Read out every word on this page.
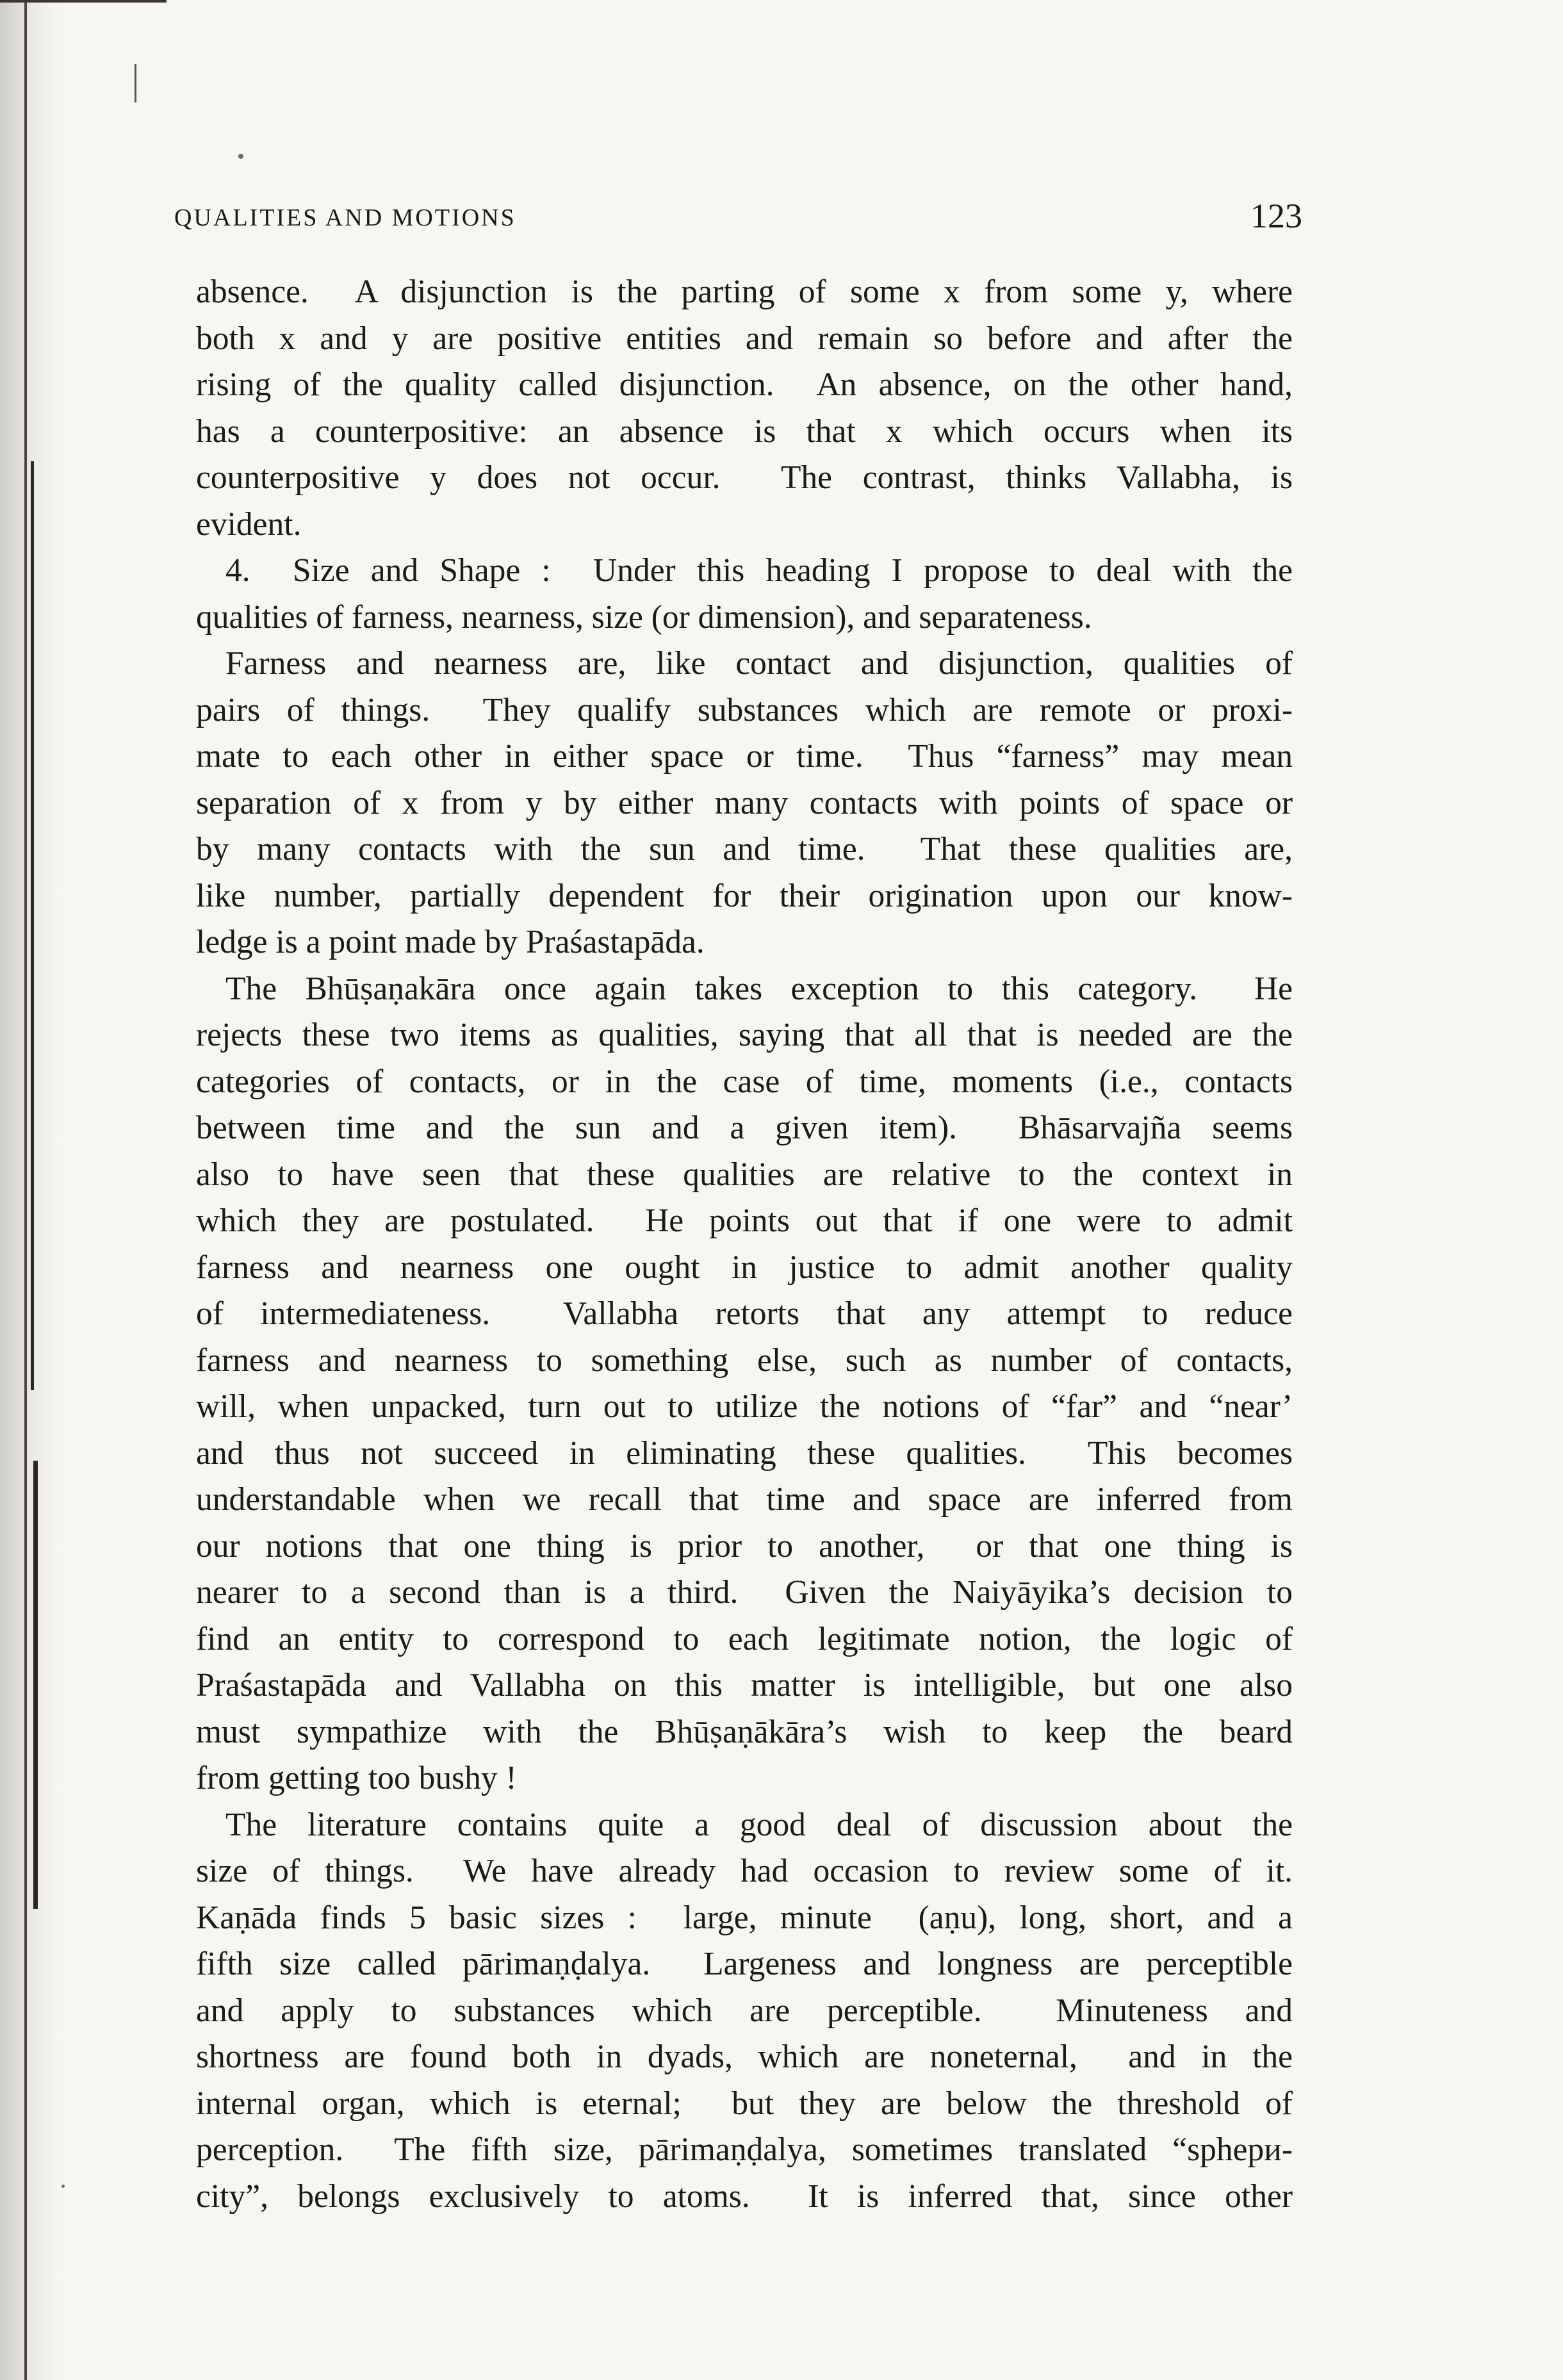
QUALITIES AND MOTIONS	123
absence.  A disjunction is the parting of some x from some y, where
both x and y are positive entities and remain so before and after the
rising of the quality called disjunction.  An absence, on the other hand,
has a counterpositive: an absence is that x which occurs when its
counterpositive y does not occur.  The contrast, thinks Vallabha, is
evident.
4.  Size and Shape :  Under this heading I propose to deal with the
qualities of farness, nearness, size (or dimension), and separateness.
Farness and nearness are, like contact and disjunction, qualities of
pairs of things.  They qualify substances which are remote or proxi-
mate to each other in either space or time.  Thus “farness” may mean
separation of x from y by either many contacts with points of space or
by many contacts with the sun and time.  That these qualities are,
like number, partially dependent for their origination upon our know-
ledge is a point made by Praśastapāda.
The Bhūṣaṇakāra once again takes exception to this category.  He
rejects these two items as qualities, saying that all that is needed are the
categories of contacts, or in the case of time, moments (i.e., contacts
between time and the sun and a given item).  Bhāsarvajña seems
also to have seen that these qualities are relative to the context in
which they are postulated.  He points out that if one were to admit
farness and nearness one ought in justice to admit another quality
of intermediateness.  Vallabha retorts that any attempt to reduce
farness and nearness to something else, such as number of contacts,
will, when unpacked, turn out to utilize the notions of “far” and “near’
and thus not succeed in eliminating these qualities.  This becomes
understandable when we recall that time and space are inferred from
our notions that one thing is prior to another,  or that one thing is
nearer to a second than is a third.  Given the Naiyāyika’s decision to
find an entity to correspond to each legitimate notion, the logic of
Praśastapāda and Vallabha on this matter is intelligible, but one also
must sympathize with the Bhūṣaṇākāra’s wish to keep the beard
from getting too bushy !
The literature contains quite a good deal of discussion about the
size of things.  We have already had occasion to review some of it.
Kaṇāda finds 5 basic sizes :  large, minute  (aṇu), long, short, and a
fifth size called pārimaṇḍalya.  Largeness and longness are perceptible
and apply to substances which are perceptible.  Minuteness and
shortness are found both in dyads, which are noneternal,  and in the
internal organ, which is eternal;  but they are below the threshold of
perception.  The fifth size, pārimaṇḍalya, sometimes translated “sphери-
city”, belongs exclusively to atoms.  It is inferred that, since other
